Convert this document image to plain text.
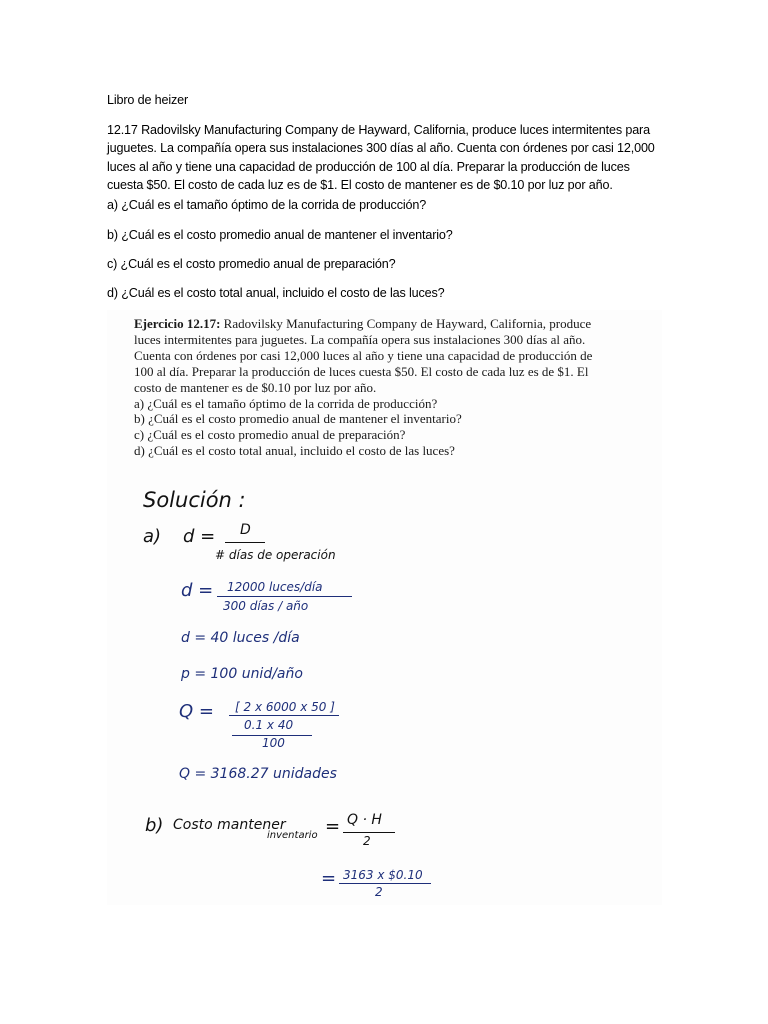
Libro de heizer

12.17 Radovilsky Manufacturing Company de Hayward, California, produce luces intermitentes para juguetes. La compañía opera sus instalaciones 300 días al año. Cuenta con órdenes por casi 12,000 luces al año y tiene una capacidad de producción de 100 al día. Preparar la producción de luces cuesta $50. El costo de cada luz es de $1. El costo de mantener es de $0.10 por luz por año.

a) ¿Cuál es el tamaño óptimo de la corrida de producción?
b) ¿Cuál es el costo promedio anual de mantener el inventario?
c) ¿Cuál es el costo promedio anual de preparación?
d) ¿Cuál es el costo total anual, incluido el costo de las luces?

Ejercicio 12.17: Radovilsky Manufacturing Company de Hayward, California, produce

luces intermitentes para juguetes. La compañía opera sus instalaciones 300 días al año.

Cuenta con órdenes por casi 12,000 luces al año y tiene una capacidad de producción de

100 al día. Preparar la producción de luces cuesta $50. El costo de cada luz es de $1. El

costo de mantener es de $0.10 por luz por año.

a) ¿Cuál es el tamaño óptimo de la corrida de producción?

b) ¿Cuál es el costo promedio anual de mantener el inventario?

c) ¿Cuál es el costo promedio anual de preparación?

d) ¿Cuál es el costo total anual, incluido el costo de las luces?

Solución :
a) d = D
# días de operación
d = 12000 luces/día
300 días / año
d = 40 luces /día
p = 100 unid/año
Q = [ 2 x 6000 x 50 ]
0.1 x 40
100
Q = 3168.27 unidades
b) Costo mantener
inventario = Q · H
2
= 3163 x $0.10
2
